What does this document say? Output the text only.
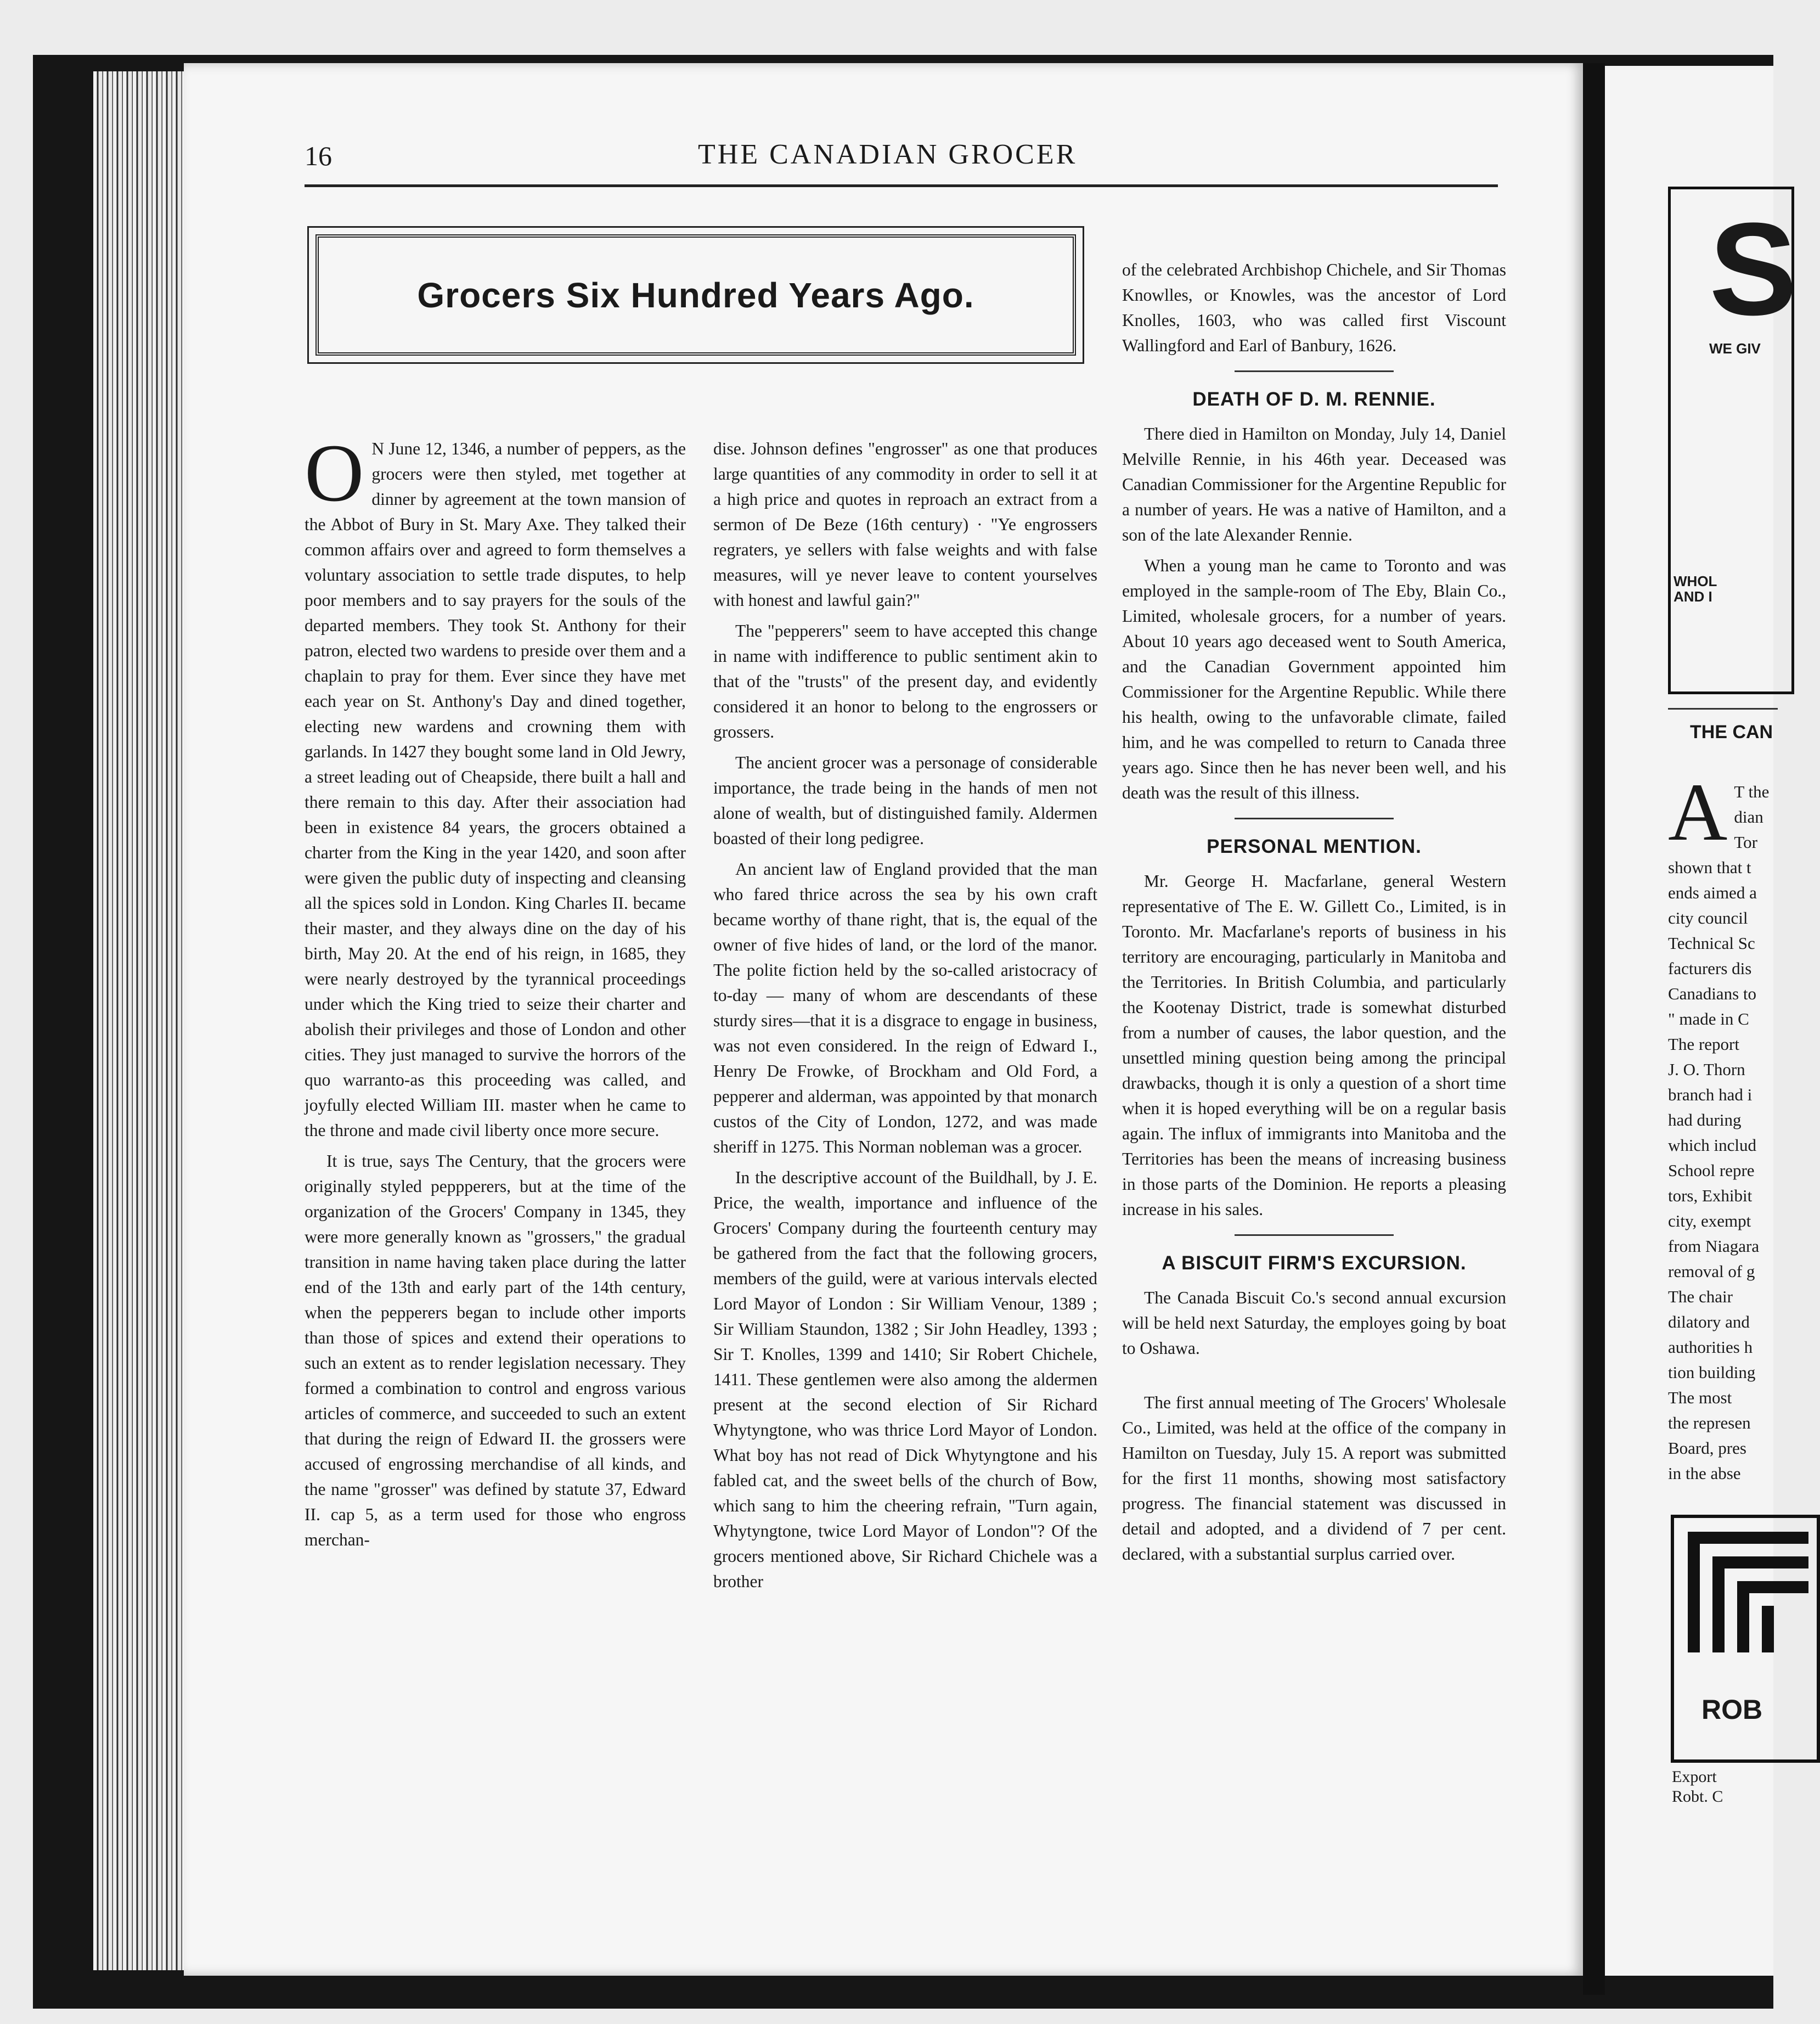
16	THE CANADIAN GROCER
Grocers Six Hundred Years Ago.

O N June 12, 1346, a number of peppers, as the grocers were then styled, met together at dinner by agreement at the town mansion of the Abbot of Bury in St. Mary Axe. They talked their common affairs over and agreed to form themselves a voluntary association to settle trade disputes, to help poor members and to say prayers for the souls of the departed members. They took St. Anthony for their patron, elected two wardens to preside over them and a chaplain to pray for them. Ever since they have met each year on St. Anthony's Day and dined together, electing new wardens and crowning them with garlands. In 1427 they bought some land in Old Jewry, a street leading out of Cheapside, there built a hall and there remain to this day. After their association had been in existence 84 years, the grocers obtained a charter from the King in the year 1420, and soon after were given the public duty of inspecting and cleansing all the spices sold in London. King Charles II. became their master, and they always dine on the day of his birth, May 20. At the end of his reign, in 1685, they were nearly destroyed by the tyrannical proceedings under which the King tried to seize their charter and abolish their privileges and those of London and other cities. They just managed to survive the horrors of the quo warranto-as this proceeding was called, and joyfully elected William III. master when he came to the throne and made civil liberty once more secure.

It is true, says The Century, that the grocers were originally styled peppperers, but at the time of the organization of the Grocers' Company in 1345, they were more generally known as "grossers," the gradual transition in name having taken place during the latter end of the 13th and early part of the 14th century, when the pepperers began to include other imports than those of spices and extend their operations to such an extent as to render legislation necessary. They formed a combination to control and engross various articles of commerce, and succeeded to such an extent that during the reign of Edward II. the grossers were accused of engrossing merchandise of all kinds, and the name "grosser" was defined by statute 37, Edward II. cap 5, as a term used for those who engross merchan-

dise. Johnson defines "engrosser" as one that produces large quantities of any commodity in order to sell it at a high price and quotes in reproach an extract from a sermon of De Beze (16th century) · "Ye engrossers regraters, ye sellers with false weights and with false measures, will ye never leave to content yourselves with honest and lawful gain?"

The "pepperers" seem to have accepted this change in name with indifference to public sentiment akin to that of the "trusts" of the present day, and evidently considered it an honor to belong to the engrossers or grossers.

The ancient grocer was a personage of considerable importance, the trade being in the hands of men not alone of wealth, but of distinguished family. Aldermen boasted of their long pedigree.

An ancient law of England provided that the man who fared thrice across the sea by his own craft became worthy of thane right, that is, the equal of the owner of five hides of land, or the lord of the manor. The polite fiction held by the so-called aristocracy of to-day — many of whom are descendants of these sturdy sires—that it is a disgrace to engage in business, was not even considered. In the reign of Edward I., Henry De Frowke, of Brockham and Old Ford, a pepperer and alderman, was appointed by that monarch custos of the City of London, 1272, and was made sheriff in 1275. This Norman nobleman was a grocer.

In the descriptive account of the Buildhall, by J. E. Price, the wealth, importance and influence of the Grocers' Company during the fourteenth century may be gathered from the fact that the following grocers, members of the guild, were at various intervals elected Lord Mayor of London : Sir William Venour, 1389 ; Sir William Staundon, 1382 ; Sir John Headley, 1393 ; Sir T. Knolles, 1399 and 1410; Sir Robert Chichele, 1411. These gentlemen were also among the aldermen present at the second election of Sir Richard Whytyngtone, who was thrice Lord Mayor of London. What boy has not read of Dick Whytyngtone and his fabled cat, and the sweet bells of the church of Bow, which sang to him the cheering refrain, "Turn again, Whytyngtone, twice Lord Mayor of London"? Of the grocers mentioned above, Sir Richard Chichele was a brother

of the celebrated Archbishop Chichele, and Sir Thomas Knowlles, or Knowles, was the ancestor of Lord Knolles, 1603, who was called first Viscount Wallingford and Earl of Banbury, 1626.

DEATH OF D. M. RENNIE.

There died in Hamilton on Monday, July 14, Daniel Melville Rennie, in his 46th year. Deceased was Canadian Commissioner for the Argentine Republic for a number of years. He was a native of Hamilton, and a son of the late Alexander Rennie.

When a young man he came to Toronto and was employed in the sample-room of The Eby, Blain Co., Limited, wholesale grocers, for a number of years. About 10 years ago deceased went to South America, and the Canadian Government appointed him Commissioner for the Argentine Republic. While there his health, owing to the unfavorable climate, failed him, and he was compelled to return to Canada three years ago. Since then he has never been well, and his death was the result of this illness.

PERSONAL MENTION.

Mr. George H. Macfarlane, general Western representative of The E. W. Gillett Co., Limited, is in Toronto. Mr. Macfarlane's reports of business in his territory are encouraging, particularly in Manitoba and the Territories. In British Columbia, and particularly the Kootenay District, trade is somewhat disturbed from a number of causes, the labor question, and the unsettled mining question being among the principal drawbacks, though it is only a question of a short time when it is hoped everything will be on a regular basis again. The influx of immigrants into Manitoba and the Territories has been the means of increasing business in those parts of the Dominion. He reports a pleasing increase in his sales.

A BISCUIT FIRM'S EXCURSION.

The Canada Biscuit Co.'s second annual excursion will be held next Saturday, the employes going by boat to Oshawa.

The first annual meeting of The Grocers' Wholesale Co., Limited, was held at the office of the company in Hamilton on Tuesday, July 15. A report was submitted for the first 11 months, showing most satisfactory progress. The financial statement was discussed in detail and adopted, and a dividend of 7 per cent. declared, with a substantial surplus carried over.

S
WE GIV
WHOL
AND I
THE CAN
A T the
dian
Tor
shown that t
ends aimed a
city council
Technical Sc
facturers dis
Canadians to
" made in C
The report
J. O. Thorn
branch had i
had during
which includ
School repre
tors, Exhibit
city, exempt
from Niagara
removal of g
The chair
dilatory and
authorities h
tion building
The most
the represen
Board, pres
in the abse
ROB
Export
Robt. C
